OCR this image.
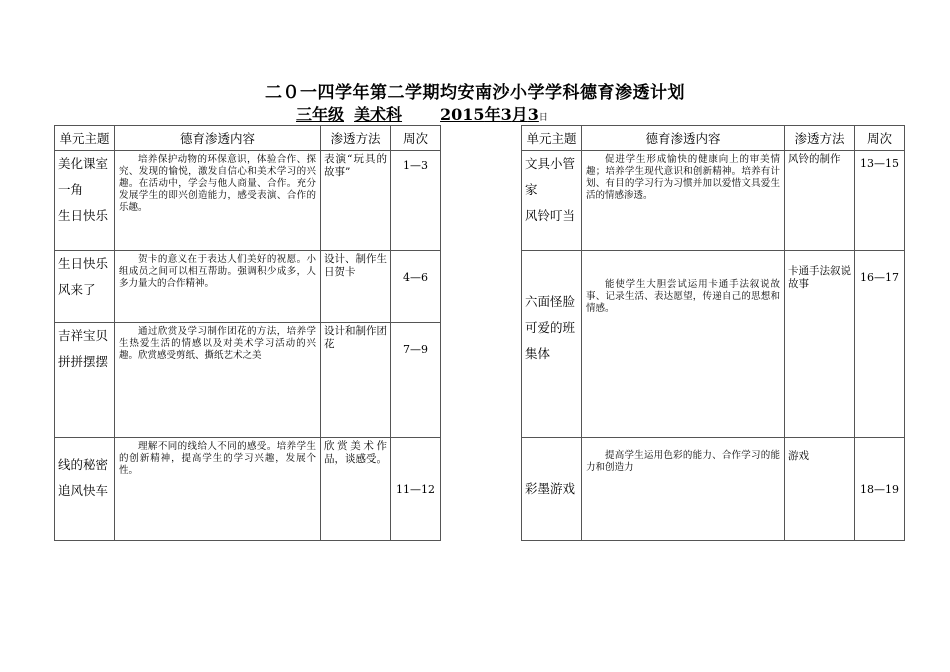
二０一四学年第二学期均安南沙小学学科德育渗透计划
三年级 美术科 2015年3月3日
单元主题	德育渗透内容	渗透方法	周次

美化课室
一角
生日快乐	培养保护动物的环保意识，体验合作、探究、发现的愉悦，激发自信心和美术学习的兴趣。在活动中，学会与他人商量、合作。充分发展学生的即兴创造能力，感受表演、合作的乐趣。	表演“玩具的故事”	1—3

生日快乐
风来了	贺卡的意义在于表达人们美好的祝愿。小组成员之间可以相互帮助。强调积少成多，人多力量大的合作精神。	设计、制作生日贺卡	4—6

吉祥宝贝
拼拼摆摆	通过欣赏及学习制作团花的方法，培养学生热爱生活的情感以及对美术学习活动的兴趣。欣赏感受剪纸、撕纸艺术之美	设计和制作团花	7—9

线的秘密
追风快车	理解不同的线给人不同的感受。培养学生的创新精神，提高学生的学习兴趣，发展个性。	欣赏美术作品，谈感受。	11—12
单元主题	德育渗透内容	渗透方法	周次

文具小管
家
风铃叮当	促进学生形成愉快的健康向上的审美情趣；培养学生现代意识和创新精神。培养有计划、有目的学习行为习惯并加以爱惜文具爱生活的情感渗透。	风铃的制作	13—15

六面怪脸
可爱的班
集体	能使学生大胆尝试运用卡通手法叙说故事、记录生活、表达愿望，传递自己的思想和情感。	卡通手法叙说故事	16—17

彩墨游戏	提高学生运用色彩的能力、合作学习的能力和创造力	游戏	18—19
